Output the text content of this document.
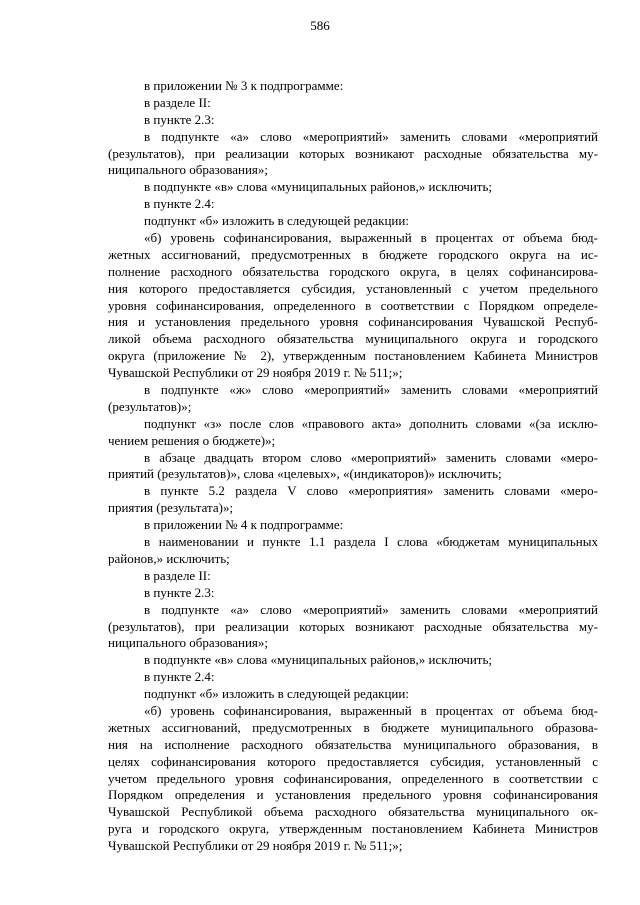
586
в приложении № 3 к подпрограмме:
в разделе II:
в пункте 2.3:
в подпункте «а» слово «мероприятий» заменить словами «мероприятий
(результатов), при реализации которых возникают расходные обязательства му-
ниципального образования»;
в подпункте «в» слова «муниципальных районов,» исключить;
в пункте 2.4:
подпункт «б» изложить в следующей редакции:
«б) уровень софинансирования, выраженный в процентах от объема бюд-
жетных ассигнований, предусмотренных в бюджете городского округа на ис-
полнение расходного обязательства городского округа, в целях софинансирова-
ния которого предоставляется субсидия, установленный с учетом предельного
уровня софинансирования, определенного в соответствии с Порядком определе-
ния и установления предельного уровня софинансирования Чувашской Респуб-
ликой объема расходного обязательства муниципального округа и городского
округа (приложение № 2), утвержденным постановлением Кабинета Министров
Чувашской Республики от 29 ноября 2019 г. № 511;»;
в подпункте «ж» слово «мероприятий» заменить словами «мероприятий
(результатов)»;
подпункт «з» после слов «правового акта» дополнить словами «(за исклю-
чением решения о бюджете)»;
в абзаце двадцать втором слово «мероприятий» заменить словами «меро-
приятий (результатов)», слова «целевых», «(индикаторов)» исключить;
в пункте 5.2 раздела V слово «мероприятия» заменить словами «меро-
приятия (результата)»;
в приложении № 4 к подпрограмме:
в наименовании и пункте 1.1 раздела I слова «бюджетам муниципальных
районов,» исключить;
в разделе II:
в пункте 2.3:
в подпункте «а» слово «мероприятий» заменить словами «мероприятий
(результатов), при реализации которых возникают расходные обязательства му-
ниципального образования»;
в подпункте «в» слова «муниципальных районов,» исключить;
в пункте 2.4:
подпункт «б» изложить в следующей редакции:
«б) уровень софинансирования, выраженный в процентах от объема бюд-
жетных ассигнований, предусмотренных в бюджете муниципального образова-
ния на исполнение расходного обязательства муниципального образования, в
целях софинансирования которого предоставляется субсидия, установленный с
учетом предельного уровня софинансирования, определенного в соответствии с
Порядком определения и установления предельного уровня софинансирования
Чувашской Республикой объема расходного обязательства муниципального ок-
руга и городского округа, утвержденным постановлением Кабинета Министров
Чувашской Республики от 29 ноября 2019 г. № 511;»;
